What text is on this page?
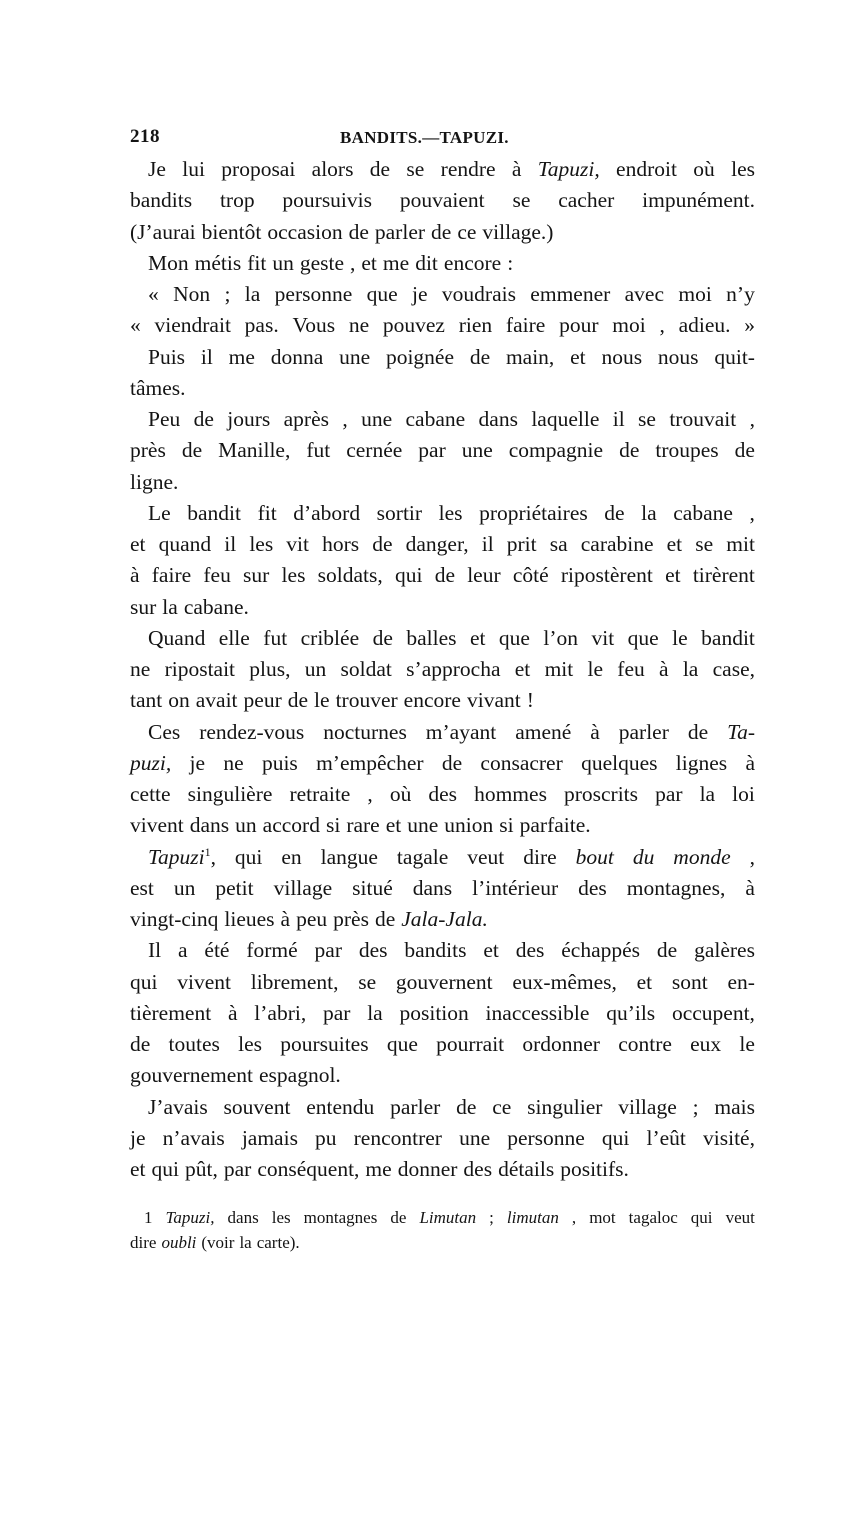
218	BANDITS.—TAPUZI.
Je lui proposai alors de se rendre à Tapuzi, endroit où les
bandits trop poursuivis pouvaient se cacher impunément.
(J’aurai bientôt occasion de parler de ce village.)
Mon métis fit un geste , et me dit encore :
« Non ; la personne que je voudrais emmener avec moi n’y
« viendrait pas. Vous ne pouvez rien faire pour moi , adieu. »
Puis il me donna une poignée de main, et nous nous quit-
tâmes.
Peu de jours après , une cabane dans laquelle il se trouvait ,
près de Manille, fut cernée par une compagnie de troupes de
ligne.
Le bandit fit d’abord sortir les propriétaires de la cabane ,
et quand il les vit hors de danger, il prit sa carabine et se mit
à faire feu sur les soldats, qui de leur côté ripostèrent et tirèrent
sur la cabane.
Quand elle fut criblée de balles et que l’on vit que le bandit
ne ripostait plus, un soldat s’approcha et mit le feu à la case,
tant on avait peur de le trouver encore vivant !
Ces rendez-vous nocturnes m’ayant amené à parler de Ta-
puzi, je ne puis m’empêcher de consacrer quelques lignes à
cette singulière retraite , où des hommes proscrits par la loi
vivent dans un accord si rare et une union si parfaite.
Tapuzi$^1$, qui en langue tagale veut dire bout du monde ,
est un petit village situé dans l’intérieur des montagnes, à
vingt-cinq lieues à peu près de Jala-Jala.
Il a été formé par des bandits et des échappés de galères
qui vivent librement, se gouvernent eux-mêmes, et sont en-
tièrement à l’abri, par la position inaccessible qu’ils occupent,
de toutes les poursuites que pourrait ordonner contre eux le
gouvernement espagnol.
J’avais souvent entendu parler de ce singulier village ; mais
je n’avais jamais pu rencontrer une personne qui l’eût visité,
et qui pût, par conséquent, me donner des détails positifs.
1 Tapuzi, dans les montagnes de Limutan ; limutan , mot tagaloc qui veut
dire oubli (voir la carte).
